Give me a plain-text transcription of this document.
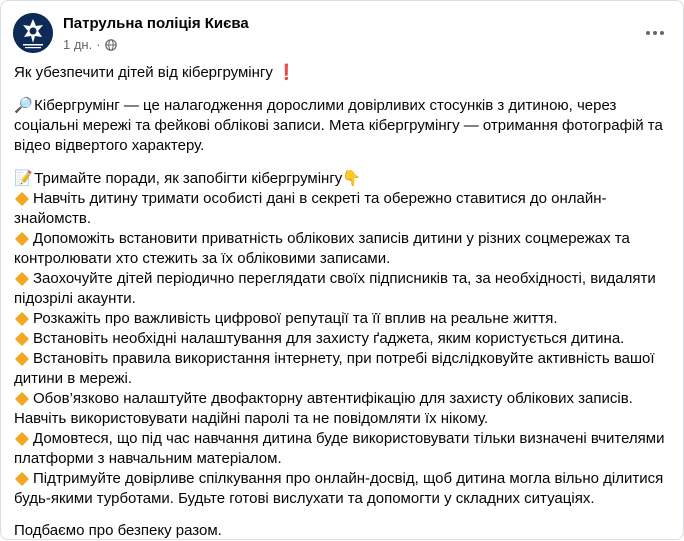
Патрульна поліція Києва
1 дн. ·

Як убезпечити дітей від кібергрумінгу ❗

🔎 Кібергрумінг — це налагодження дорослими довірливих стосунків з дитиною, через соціальні мережі та фейкові облікові записи. Мета кібергрумінгу — отримання фотографій та відео відвертого характеру.

📝 Тримайте поради, як запобігти кібергрумінгу👇

Навчіть дитину тримати особисті дані в секреті та обережно ставитися до онлайн-знайомств.

Допоможіть встановити приватність облікових записів дитини у різних соцмережах та контролювати хто стежить за їх обліковими записами.

Заохочуйте дітей періодично переглядати своїх підписників та, за необхідності, видаляти підозрілі акаунти.

Розкажіть про важливість цифрової репутації та її вплив на реальне життя.

Встановіть необхідні налаштування для захисту ґаджета, яким користується дитина.

Встановіть правила використання інтернету, при потребі відслідковуйте активність вашої дитини в мережі.

Обов’язково налаштуйте двофакторну автентифікацію для захисту облікових записів. Навчіть використовувати надійні паролі та не повідомляти їх нікому.

Домовтеся, що під час навчання дитина буде використовувати тільки визначені вчителями платформи з навчальним матеріалом.

Підтримуйте довірливе спілкування про онлайн-досвід, щоб дитина могла вільно ділитися будь-якими турботами. Будьте готові вислухати та допомогти у складних ситуаціях.

Подбаємо про безпеку разом.
